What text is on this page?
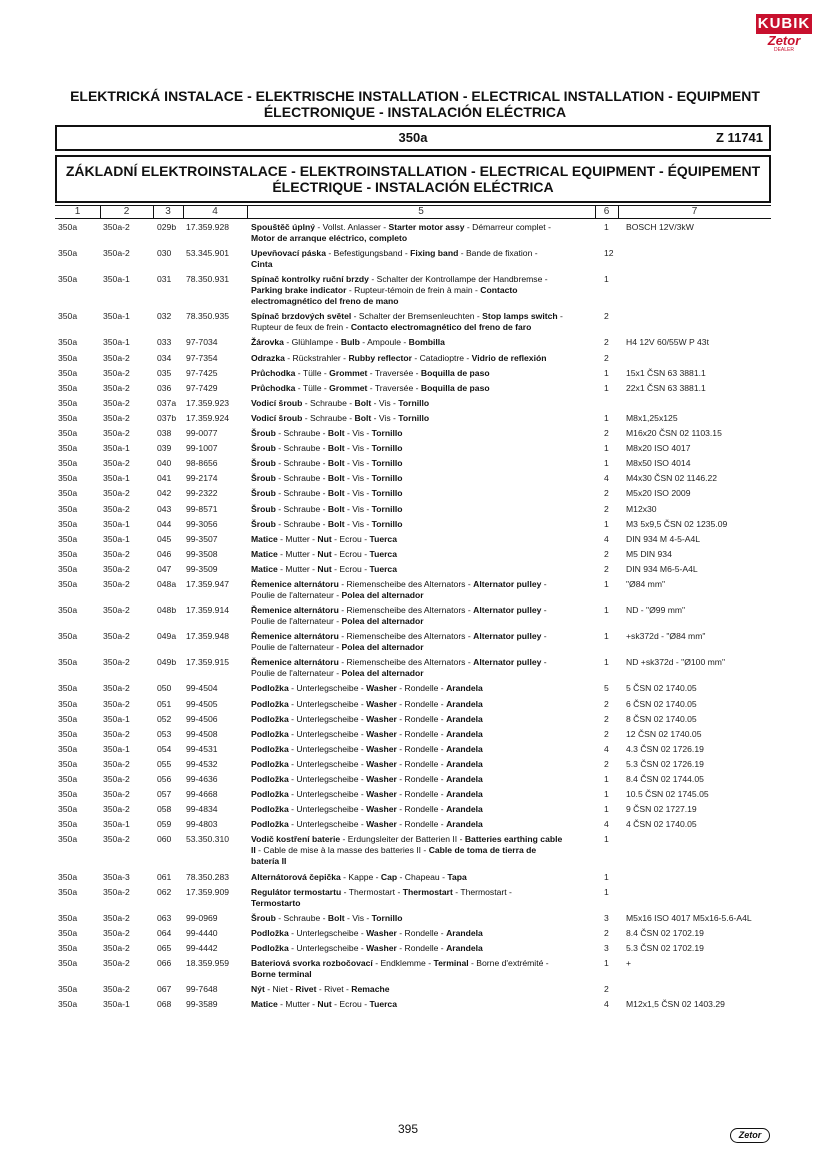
KUBIK
Zetor
DEALER
ELEKTRICKÁ INSTALACE - ELEKTRISCHE INSTALLATION - ELECTRICAL INSTALLATION - EQUIPMENT ÉLECTRONIQUE - INSTALACIÓN ELÉCTRICA
350a	Z 11741
ZÁKLADNÍ ELEKTROINSTALACE - ELEKTROINSTALLATION - ELECTRICAL EQUIPMENT - ÉQUIPEMENT ÉLECTRIQUE - INSTALACIÓN ELÉCTRICA
1	2	3	4	5	6	7
350a	350a-2	029b	17.359.928	Spouštěč úplný - Vollst. Anlasser - Starter motor assy - Démarreur complet -
Motor de arranque eléctrico, completo
1	BOSCH 12V/3kW
350a	350a-2	030	53.345.901	Upevňovací páska - Befestigungsband - Fixing band - Bande de fixation -
Cinta
12
350a	350a-1	031	78.350.931	Spínač kontrolky ruční brzdy - Schalter der Kontrollampe der Handbremse -
Parking brake indicator - Rupteur-témoin de frein à main - Contacto
electromagnético del freno de mano
1
350a	350a-1	032	78.350.935	Spínač brzdových světel - Schalter der Bremsenleuchten - Stop lamps switch -
Rupteur de feux de frein - Contacto electromagnético del freno de faro
2
350a	350a-1	033	97-7034	Žárovka - Glühlampe - Bulb - Ampoule - Bombilla	2	H4 12V 60/55W P 43t
350a	350a-2	034	97-7354	Odrazka - Rückstrahler - Rubby reflector - Catadioptre - Vidrio de reflexión	2
350a	350a-2	035	97-7425	Průchodka - Tülle - Grommet - Traversée - Boquilla de paso	1	15x1 ČSN 63 3881.1
350a	350a-2	036	97-7429	Průchodka - Tülle - Grommet - Traversée - Boquilla de paso	1	22x1 ČSN 63 3881.1
350a	350a-2	037a	17.359.923	Vodicí šroub - Schraube - Bolt - Vis - Tornillo
350a	350a-2	037b	17.359.924	Vodicí šroub - Schraube - Bolt - Vis - Tornillo	1	M8x1,25x125
350a	350a-2	038	99-0077	Šroub - Schraube - Bolt - Vis - Tornillo	2	M16x20 ČSN 02 1103.15
350a	350a-1	039	99-1007	Šroub - Schraube - Bolt - Vis - Tornillo	1	M8x20 ISO 4017
350a	350a-2	040	98-8656	Šroub - Schraube - Bolt - Vis - Tornillo	1	M8x50 ISO 4014
350a	350a-1	041	99-2174	Šroub - Schraube - Bolt - Vis - Tornillo	4	M4x30 ČSN 02 1146.22
350a	350a-2	042	99-2322	Šroub - Schraube - Bolt - Vis - Tornillo	2	M5x20 ISO 2009
350a	350a-2	043	99-8571	Šroub - Schraube - Bolt - Vis - Tornillo	2	M12x30
350a	350a-1	044	99-3056	Šroub - Schraube - Bolt - Vis - Tornillo	1	M3 5x9,5 ČSN 02 1235.09
350a	350a-1	045	99-3507	Matice - Mutter - Nut - Ecrou - Tuerca	4	DIN 934 M 4-5-A4L
350a	350a-2	046	99-3508	Matice - Mutter - Nut - Ecrou - Tuerca	2	M5 DIN 934
350a	350a-2	047	99-3509	Matice - Mutter - Nut - Ecrou - Tuerca	2	DIN 934 M6-5-A4L
350a	350a-2	048a	17.359.947	Řemenice alternátoru - Riemenscheibe des Alternators - Alternator pulley -
Poulie de l'alternateur - Polea del alternador
1	"Ø84 mm"
350a	350a-2	048b	17.359.914	Řemenice alternátoru - Riemenscheibe des Alternators - Alternator pulley -
Poulie de l'alternateur - Polea del alternador
1	ND - "Ø99 mm"
350a	350a-2	049a	17.359.948	Řemenice alternátoru - Riemenscheibe des Alternators - Alternator pulley -
Poulie de l'alternateur - Polea del alternador
1	+sk372d - "Ø84 mm"
350a	350a-2	049b	17.359.915	Řemenice alternátoru - Riemenscheibe des Alternators - Alternator pulley -
Poulie de l'alternateur - Polea del alternador
1	ND +sk372d - "Ø100 mm"
350a	350a-2	050	99-4504	Podložka - Unterlegscheibe - Washer - Rondelle - Arandela	5	5 ČSN 02 1740.05
350a	350a-2	051	99-4505	Podložka - Unterlegscheibe - Washer - Rondelle - Arandela	2	6 ČSN 02 1740.05
350a	350a-1	052	99-4506	Podložka - Unterlegscheibe - Washer - Rondelle - Arandela	2	8 ČSN 02 1740.05
350a	350a-2	053	99-4508	Podložka - Unterlegscheibe - Washer - Rondelle - Arandela	2	12 ČSN 02 1740.05
350a	350a-1	054	99-4531	Podložka - Unterlegscheibe - Washer - Rondelle - Arandela	4	4.3 ČSN 02 1726.19
350a	350a-2	055	99-4532	Podložka - Unterlegscheibe - Washer - Rondelle - Arandela	2	5.3 ČSN 02 1726.19
350a	350a-2	056	99-4636	Podložka - Unterlegscheibe - Washer - Rondelle - Arandela	1	8.4 ČSN 02 1744.05
350a	350a-2	057	99-4668	Podložka - Unterlegscheibe - Washer - Rondelle - Arandela	1	10.5 ČSN 02 1745.05
350a	350a-2	058	99-4834	Podložka - Unterlegscheibe - Washer - Rondelle - Arandela	1	9 ČSN 02 1727.19
350a	350a-1	059	99-4803	Podložka - Unterlegscheibe - Washer - Rondelle - Arandela	4	4 ČSN 02 1740.05
350a	350a-2	060	53.350.310	Vodič kostření baterie - Erdungsleiter der Batterien II - Batteries earthing cable
II - Cable de mise à la masse des batteries II - Cable de toma de tierra de
batería II
1
350a	350a-3	061	78.350.283	Alternátorová čepička - Kappe - Cap - Chapeau - Tapa	1
350a	350a-2	062	17.359.909	Regulátor termostartu - Thermostart - Thermostart - Thermostart -
Termostarto
1
350a	350a-2	063	99-0969	Šroub - Schraube - Bolt - Vis - Tornillo	3	M5x16 ISO 4017 M5x16-5.6-A4L
350a	350a-2	064	99-4440	Podložka - Unterlegscheibe - Washer - Rondelle - Arandela	2	8.4 ČSN 02 1702.19
350a	350a-2	065	99-4442	Podložka - Unterlegscheibe - Washer - Rondelle - Arandela	3	5.3 ČSN 02 1702.19
350a	350a-2	066	18.359.959	Bateriová svorka rozbočovací - Endklemme - Terminal - Borne d'extrémité -
Borne terminal
1	+
350a	350a-2	067	99-7648	Nýt - Niet - Rivet - Rivet - Remache	2
350a	350a-1	068	99-3589	Matice - Mutter - Nut - Ecrou - Tuerca	4	M12x1,5 ČSN 02 1403.29
395	Zetor
